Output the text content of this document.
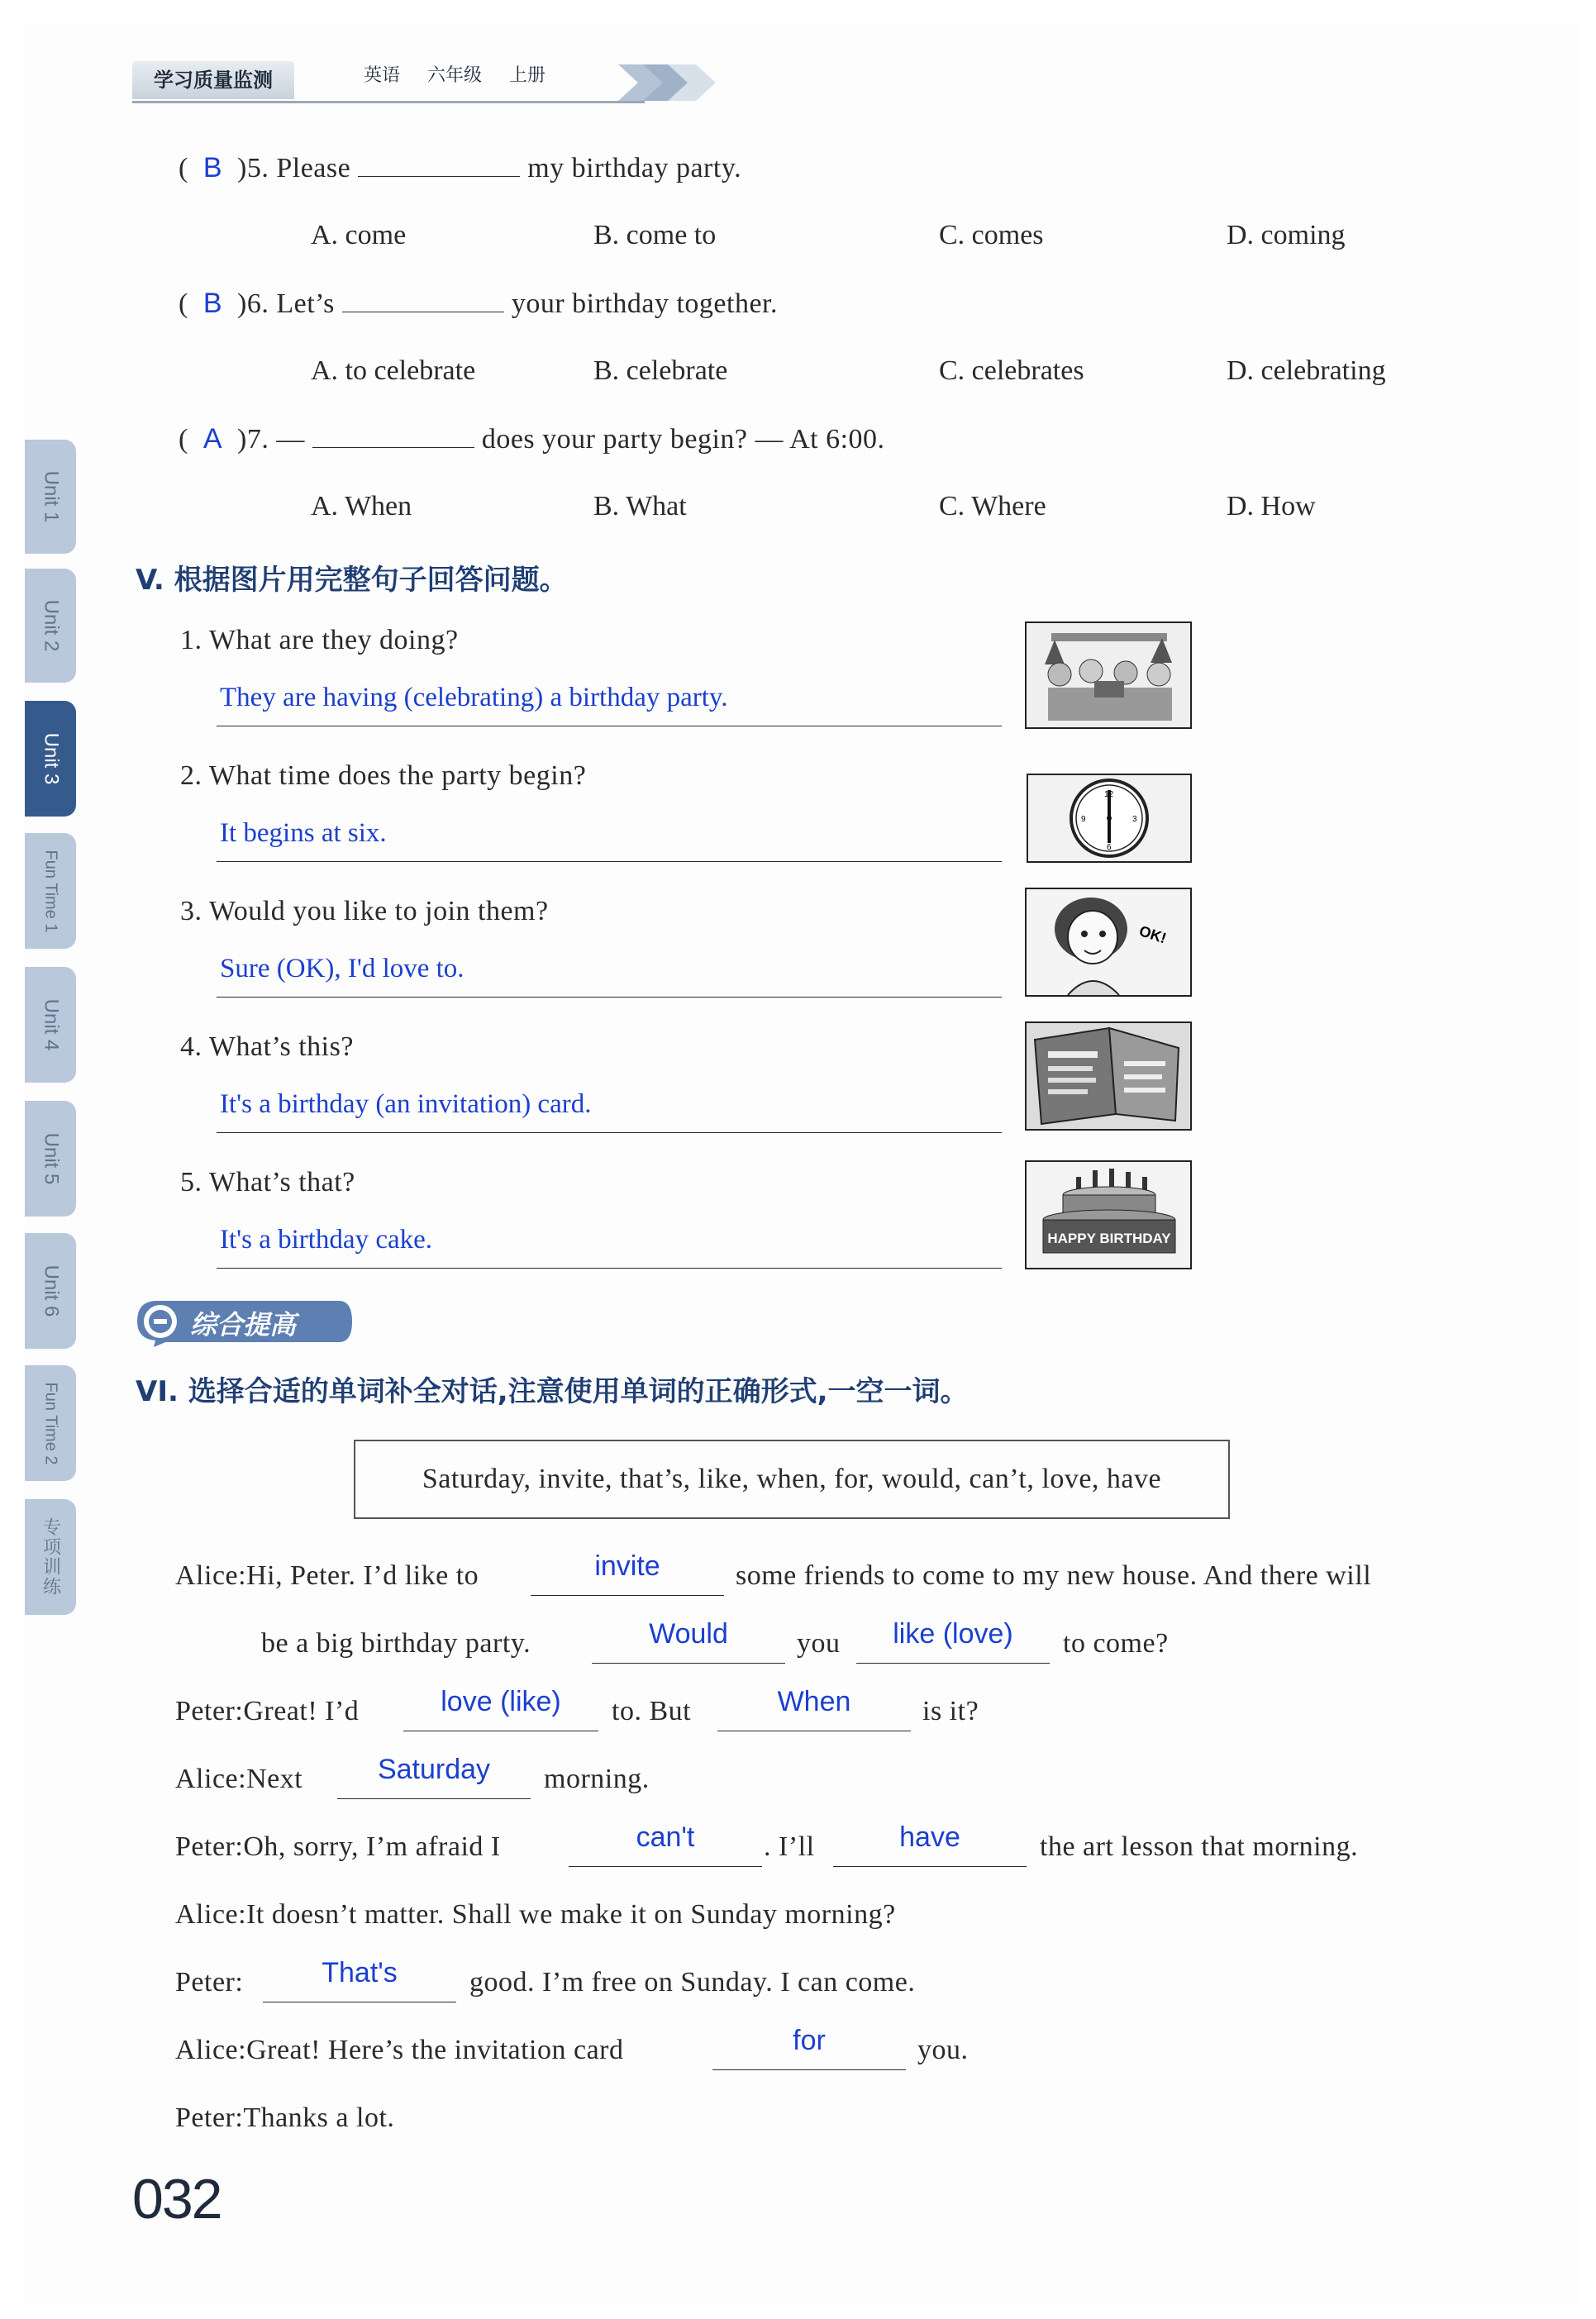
学习质量监测	英语 六年级 上册
Unit 1
Unit 2
Unit 3
Fun Time 1
Unit 4
Unit 5
Unit 6
Fun Time 2
专项训练
( B )5. Please	my birthday party.
A. come	B. come to	C. comes	D. coming
( B )6. Let’s	your birthday together.
A. to celebrate	B. celebrate	C. celebrates	D. celebrating
( A )7. —	does your party begin? — At 6:00.
A. When	B. What	C. Where	D. How
V. 根据图片用完整句子回答问题。
1. What are they doing?
They are having (celebrating) a birthday party.
2. What time does the party begin?
It begins at six.
3. Would you like to join them?
Sure (OK), I'd love to.
4. What’s this?
It's a birthday (an invitation) card.
5. What’s that?
It's a birthday cake.
12
6
3
9
OK!
HAPPY BIRTHDAY
综合提高
VI. 选择合适的单词补全对话,注意使用单词的正确形式,一空一词。
Saturday, invite, that’s, like, when, for, would, can’t, love, have
Alice:Hi, Peter. I’d like to	invite	some friends to come to my new house. And there will
be a big birthday party.	Would	you	like (love)	to come?
Peter:Great! I’d	love (like)	to. But	When	is it?
Alice:Next	Saturday	morning.
Peter:Oh, sorry, I’m afraid I	can't	. I’ll	have	the art lesson that morning.
Alice:It doesn’t matter. Shall we make it on Sunday morning?
Peter:	That's	good. I’m free on Sunday. I can come.
Alice:Great! Here’s the invitation card	for	you.
Peter:Thanks a lot.
032
